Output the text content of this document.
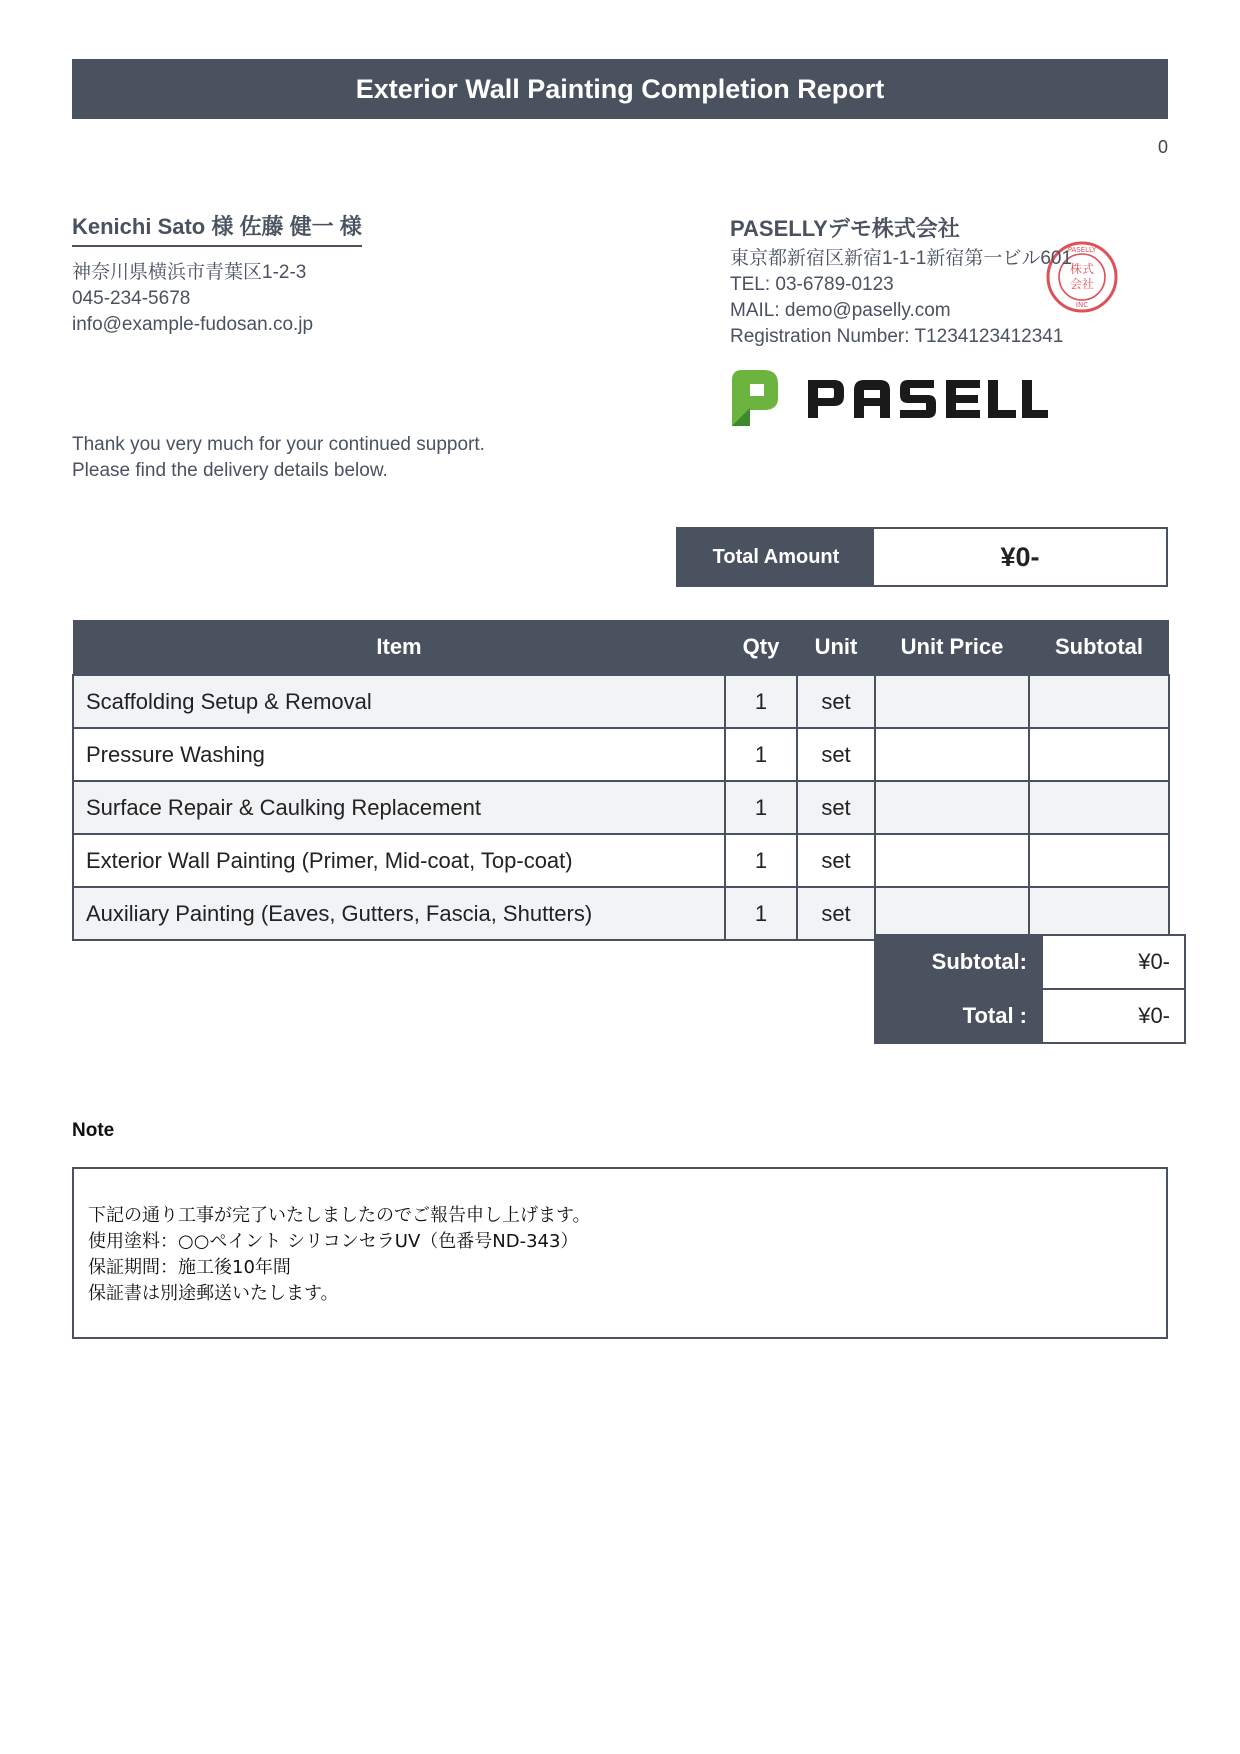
Exterior Wall Painting Completion Report
0
Kenichi Sato 様 佐藤 健一 様
神奈川県横浜市青葉区1-2-3
045-234-5678
info@example-fudosan.co.jp
PASELLYデモ株式会社
東京都新宿区新宿1-1-1新宿第一ビル601
TEL: 03-6789-0123
MAIL: demo@paselly.com
Registration Number: T1234123412341
株式
会社
INC
PASELLY
PASELLY
Thank you very much for your continued support.
Please find the delivery details below.
Total Amount	¥0-
Item	Qty	Unit	Unit Price	Subtotal
Scaffolding Setup & Removal	1	set		
Pressure Washing	1	set		
Surface Repair & Caulking Replacement	1	set		
Exterior Wall Painting (Primer, Mid-coat, Top-coat)	1	set		
Auxiliary Painting (Eaves, Gutters, Fascia, Shutters)	1	set		
Subtotal:	¥0-
Total :	¥0-
Note
下記の通り工事が完了いたしましたのでご報告申し上げます。
使用塗料：○○ペイント シリコンセラUV（色番号ND-343）
保証期間：施工後10年間
保証書は別途郵送いたします。
